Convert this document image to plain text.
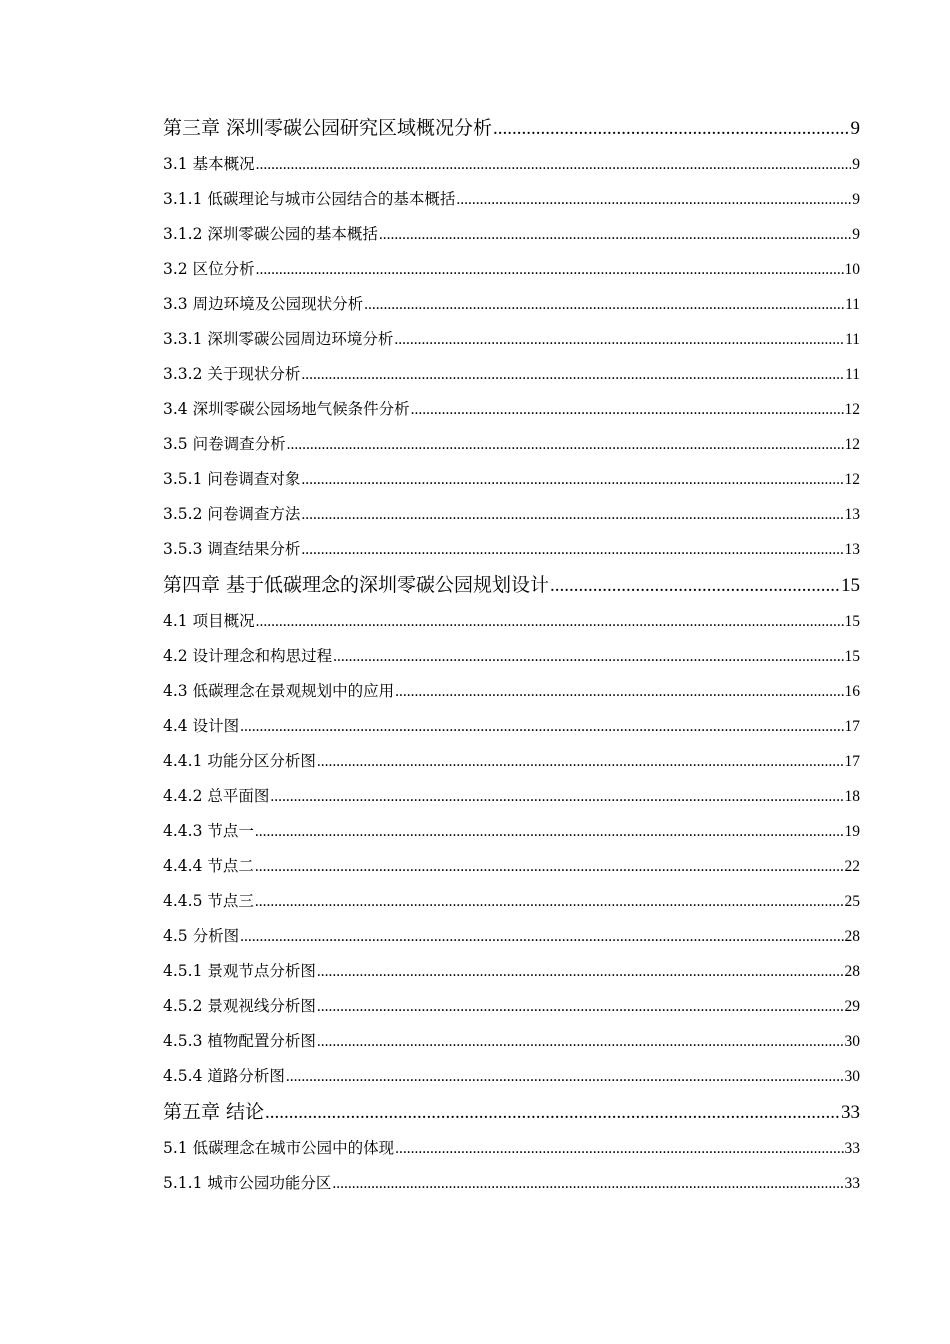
第三章 深圳零碳公园研究区域概况分析 .....	9
3.1 基本概况 .....	9
3.1.1 低碳理论与城市公园结合的基本概括 .....	9
3.1.2 深圳零碳公园的基本概括 .....	9
3.2 区位分析 .....	10
3.3 周边环境及公园现状分析 .....	11
3.3.1 深圳零碳公园周边环境分析 .....	11
3.3.2 关于现状分析 .....	11
3.4 深圳零碳公园场地气候条件分析 .....	12
3.5 问卷调查分析 .....	12
3.5.1 问卷调查对象 .....	12
3.5.2 问卷调查方法 .....	13
3.5.3 调查结果分析 .....	13
第四章 基于低碳理念的深圳零碳公园规划设计 .....	15
4.1 项目概况 .....	15
4.2 设计理念和构思过程 .....	15
4.3 低碳理念在景观规划中的应用 .....	16
4.4 设计图 .....	17
4.4.1 功能分区分析图 .....	17
4.4.2 总平面图 .....	18
4.4.3 节点一 .....	19
4.4.4 节点二 .....	22
4.4.5 节点三 .....	25
4.5 分析图 .....	28
4.5.1 景观节点分析图 .....	28
4.5.2 景观视线分析图 .....	29
4.5.3 植物配置分析图 .....	30
4.5.4 道路分析图 .....	30
第五章 结论 .....	33
5.1 低碳理念在城市公园中的体现 .....	33
5.1.1 城市公园功能分区 .....	33
